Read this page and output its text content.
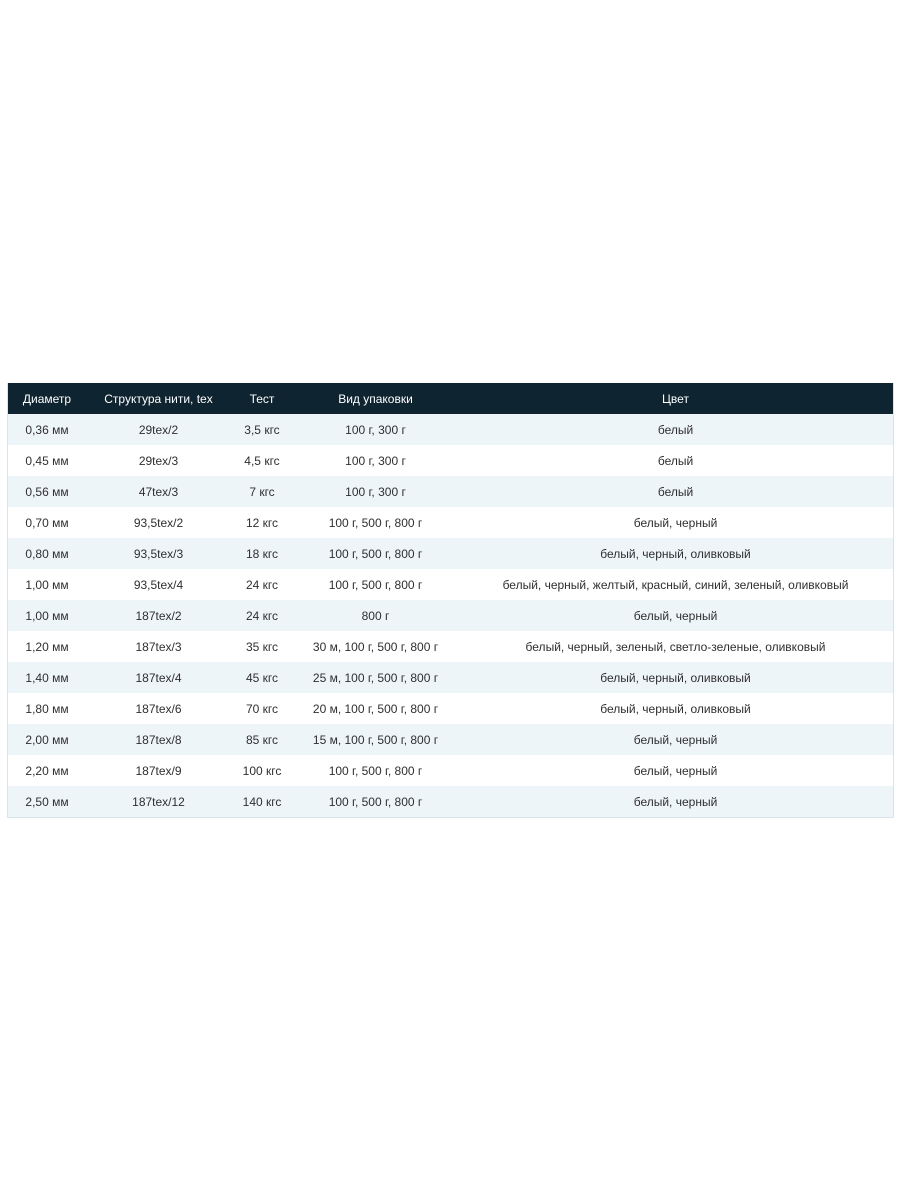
Диаметр	Структура нити, tex	Тест	Вид упаковки	Цвет
0,36 мм	29tex/2	3,5 кгс	100 г, 300 г	белый
0,45 мм	29tex/3	4,5 кгс	100 г, 300 г	белый
0,56 мм	47tex/3	7 кгс	100 г, 300 г	белый
0,70 мм	93,5tex/2	12 кгс	100 г, 500 г, 800 г	белый, черный
0,80 мм	93,5tex/3	18 кгс	100 г, 500 г, 800 г	белый, черный, оливковый
1,00 мм	93,5tex/4	24 кгс	100 г, 500 г, 800 г	белый, черный, желтый, красный, синий, зеленый, оливковый
1,00 мм	187tex/2	24 кгс	800 г	белый, черный
1,20 мм	187tex/3	35 кгс	30 м, 100 г, 500 г, 800 г	белый, черный, зеленый, светло-зеленые, оливковый
1,40 мм	187tex/4	45 кгс	25 м, 100 г, 500 г, 800 г	белый, черный, оливковый
1,80 мм	187tex/6	70 кгс	20 м, 100 г, 500 г, 800 г	белый, черный, оливковый
2,00 мм	187tex/8	85 кгс	15 м, 100 г, 500 г, 800 г	белый, черный
2,20 мм	187tex/9	100 кгс	100 г, 500 г, 800 г	белый, черный
2,50 мм	187tex/12	140 кгс	100 г, 500 г, 800 г	белый, черный
